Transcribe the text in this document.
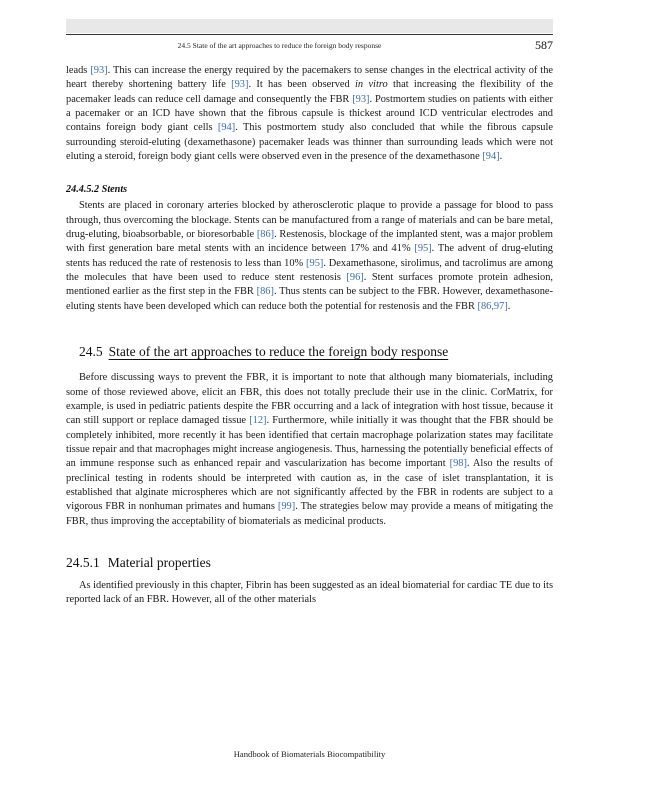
24.5 State of the art approaches to reduce the foreign body response	587

leads [93]. This can increase the energy required by the pacemakers to sense changes in the electrical activity of the heart thereby shortening battery life [93]. It has been observed in vitro that increasing the flexibility of the pacemaker leads can reduce cell damage and consequently the FBR [93]. Postmortem studies on patients with either a pacemaker or an ICD have shown that the fibrous capsule is thickest around ICD ventricular electrodes and contains foreign body giant cells [94]. This postmortem study also concluded that while the fibrous capsule surrounding steroid-eluting (dexamethasone) pacemaker leads was thinner than surrounding leads which were not eluting a steroid, foreign body giant cells were observed even in the presence of the dexamethasone [94].

24.4.5.2 Stents

Stents are placed in coronary arteries blocked by atherosclerotic plaque to provide a passage for blood to pass through, thus overcoming the blockage. Stents can be manufactured from a range of materials and can be bare metal, drug-eluting, bioabsorbable, or bioresorbable [86]. Restenosis, blockage of the implanted stent, was a major problem with first generation bare metal stents with an incidence between 17% and 41% [95]. The advent of drug-eluting stents has reduced the rate of restenosis to less than 10% [95]. Dexamethasone, sirolimus, and tacrolimus are among the molecules that have been used to reduce stent restenosis [96]. Stent surfaces promote protein adhesion, mentioned earlier as the first step in the FBR [86]. Thus stents can be subject to the FBR. However, dexamethasone-eluting stents have been developed which can reduce both the potential for restenosis and the FBR [86,97].

24.5 State of the art approaches to reduce the foreign body response

Before discussing ways to prevent the FBR, it is important to note that although many biomaterials, including some of those reviewed above, elicit an FBR, this does not totally preclude their use in the clinic. CorMatrix, for example, is used in pediatric patients despite the FBR occurring and a lack of integration with host tissue, because it can still support or replace damaged tissue [12]. Furthermore, while initially it was thought that the FBR should be completely inhibited, more recently it has been identified that certain macrophage polarization states may facilitate tissue repair and that macrophages might increase angiogenesis. Thus, harnessing the potentially beneficial effects of an immune response such as enhanced repair and vascularization has become important [98]. Also the results of preclinical testing in rodents should be interpreted with caution as, in the case of islet transplantation, it is established that alginate microspheres which are not significantly affected by the FBR in rodents are subject to a vigorous FBR in nonhuman primates and humans [99]. The strategies below may provide a means of mitigating the FBR, thus improving the acceptability of biomaterials as medicinal products.

24.5.1 Material properties

As identified previously in this chapter, Fibrin has been suggested as an ideal biomaterial for cardiac TE due to its reported lack of an FBR. However, all of the other materials

Handbook of Biomaterials Biocompatibility
